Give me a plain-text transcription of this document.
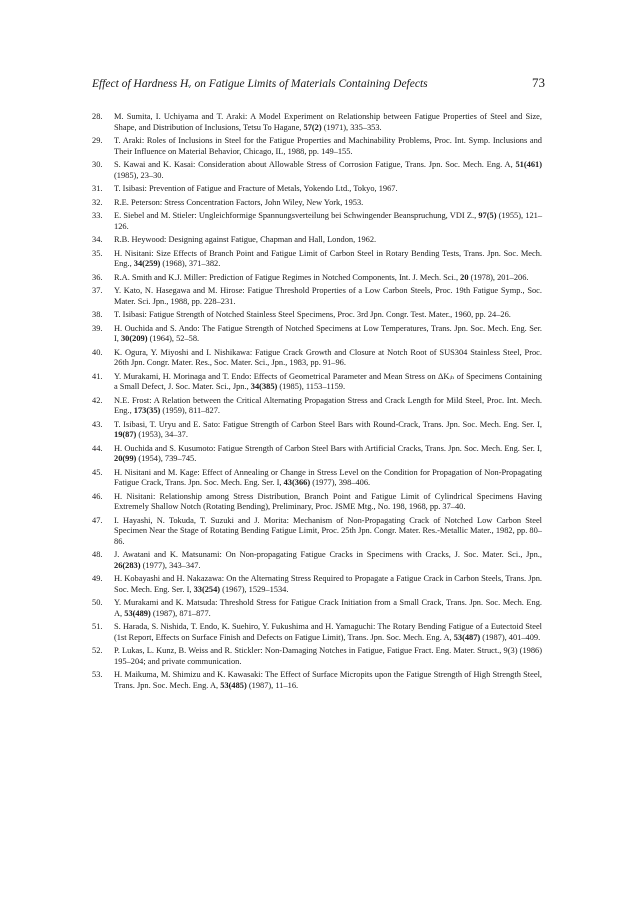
Effect of Hardness Hᵥ on Fatigue Limits of Materials Containing Defects	73
28.	M. Sumita, I. Uchiyama and T. Araki: A Model Experiment on Relationship between Fatigue Properties of Steel and Size, Shape, and Distribution of Inclusions, Tetsu To Hagane, 57(2) (1971), 335–353.
29.	T. Araki: Roles of Inclusions in Steel for the Fatigue Properties and Machinability Problems, Proc. Int. Symp. Inclusions and Their Influence on Material Behavior, Chicago, IL, 1988, pp. 149–155.
30.	S. Kawai and K. Kasai: Consideration about Allowable Stress of Corrosion Fatigue, Trans. Jpn. Soc. Mech. Eng. A, 51(461) (1985), 23–30.
31.	T. Isibasi: Prevention of Fatigue and Fracture of Metals, Yokendo Ltd., Tokyo, 1967.
32.	R.E. Peterson: Stress Concentration Factors, John Wiley, New York, 1953.
33.	E. Siebel and M. Stieler: Ungleichformige Spannungsverteilung bei Schwingender Beanspruchung, VDI Z., 97(5) (1955), 121–126.
34.	R.B. Heywood: Designing against Fatigue, Chapman and Hall, London, 1962.
35.	H. Nisitani: Size Effects of Branch Point and Fatigue Limit of Carbon Steel in Rotary Bending Tests, Trans. Jpn. Soc. Mech. Eng., 34(259) (1968), 371–382.
36.	R.A. Smith and K.J. Miller: Prediction of Fatigue Regimes in Notched Components, Int. J. Mech. Sci., 20 (1978), 201–206.
37.	Y. Kato, N. Hasegawa and M. Hirose: Fatigue Threshold Properties of a Low Carbon Steels, Proc. 19th Fatigue Symp., Soc. Mater. Sci. Jpn., 1988, pp. 228–231.
38.	T. Isibasi: Fatigue Strength of Notched Stainless Steel Specimens, Proc. 3rd Jpn. Congr. Test. Mater., 1960, pp. 24–26.
39.	H. Ouchida and S. Ando: The Fatigue Strength of Notched Specimens at Low Temperatures, Trans. Jpn. Soc. Mech. Eng. Ser. I, 30(209) (1964), 52–58.
40.	K. Ogura, Y. Miyoshi and I. Nishikawa: Fatigue Crack Growth and Closure at Notch Root of SUS304 Stainless Steel, Proc. 26th Jpn. Congr. Mater. Res., Soc. Mater. Sci., Jpn., 1983, pp. 91–96.
41.	Y. Murakami, H. Morinaga and T. Endo: Effects of Geometrical Parameter and Mean Stress on ΔKᵢₕ of Specimens Containing a Small Defect, J. Soc. Mater. Sci., Jpn., 34(385) (1985), 1153–1159.
42.	N.E. Frost: A Relation between the Critical Alternating Propagation Stress and Crack Length for Mild Steel, Proc. Int. Mech. Eng., 173(35) (1959), 811–827.
43.	T. Isibasi, T. Uryu and E. Sato: Fatigue Strength of Carbon Steel Bars with Round-Crack, Trans. Jpn. Soc. Mech. Eng. Ser. I, 19(87) (1953), 34–37.
44.	H. Ouchida and S. Kusumoto: Fatigue Strength of Carbon Steel Bars with Artificial Cracks, Trans. Jpn. Soc. Mech. Eng. Ser. I, 20(99) (1954), 739–745.
45.	H. Nisitani and M. Kage: Effect of Annealing or Change in Stress Level on the Condition for Propagation of Non-Propagating Fatigue Crack, Trans. Jpn. Soc. Mech. Eng. Ser. I, 43(366) (1977), 398–406.
46.	H. Nisitani: Relationship among Stress Distribution, Branch Point and Fatigue Limit of Cylindrical Specimens Having Extremely Shallow Notch (Rotating Bending), Preliminary, Proc. JSME Mtg., No. 198, 1968, pp. 37–40.
47.	I. Hayashi, N. Tokuda, T. Suzuki and J. Morita: Mechanism of Non-Propagating Crack of Notched Low Carbon Steel Specimen Near the Stage of Rotating Bending Fatigue Limit, Proc. 25th Jpn. Congr. Mater. Res.-Metallic Mater., 1982, pp. 80–86.
48.	J. Awatani and K. Matsunami: On Non-propagating Fatigue Cracks in Specimens with Cracks, J. Soc. Mater. Sci., Jpn., 26(283) (1977), 343–347.
49.	H. Kobayashi and H. Nakazawa: On the Alternating Stress Required to Propagate a Fatigue Crack in Carbon Steels, Trans. Jpn. Soc. Mech. Eng. Ser. I, 33(254) (1967), 1529–1534.
50.	Y. Murakami and K. Matsuda: Threshold Stress for Fatigue Crack Initiation from a Small Crack, Trans. Jpn. Soc. Mech. Eng. A, 53(489) (1987), 871–877.
51.	S. Harada, S. Nishida, T. Endo, K. Suehiro, Y. Fukushima and H. Yamaguchi: The Rotary Bending Fatigue of a Eutectoid Steel (1st Report, Effects on Surface Finish and Defects on Fatigue Limit), Trans. Jpn. Soc. Mech. Eng. A, 53(487) (1987), 401–409.
52.	P. Lukas, L. Kunz, B. Weiss and R. Stickler: Non-Damaging Notches in Fatigue, Fatigue Fract. Eng. Mater. Struct., 9(3) (1986) 195–204; and private communication.
53.	H. Maikuma, M. Shimizu and K. Kawasaki: The Effect of Surface Micropits upon the Fatigue Strength of High Strength Steel, Trans. Jpn. Soc. Mech. Eng. A, 53(485) (1987), 11–16.
